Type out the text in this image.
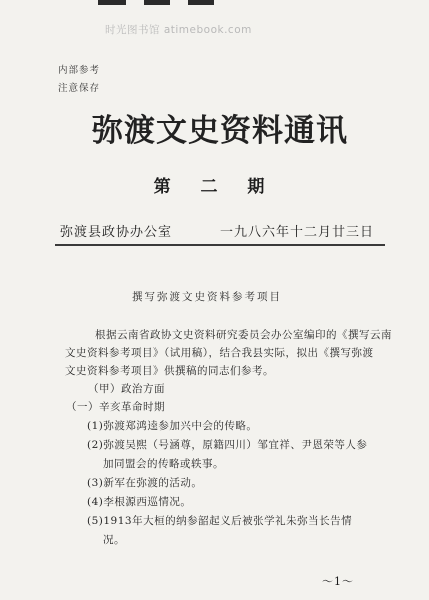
时光图书馆 atimebook.com
内部参考
注意保存
弥渡文史资料通讯
第 二 期
弥渡县政协办公室	一九八六年十二月廿三日
撰写弥渡文史资料参考项目
根据云南省政协文史资料研究委员会办公室编印的《撰写云南
文史资料参考项目》（试用稿），结合我县实际，拟出《撰写弥渡
文史资料参考项目》供撰稿的同志们参考。
（甲）政治方面
（一）辛亥革命时期
(1)弥渡郑鸿逵参加兴中会的传略。
(2)弥渡吴熙（号涵尊，原籍四川）邹宜祥、尹恩荣等人参
加同盟会的传略或轶事。
(3)新军在弥渡的活动。
(4)李根源西巡情况。
(5)1913年大桓的纳参韶起义后被张学礼朱弥当长告情
况。
～1～
